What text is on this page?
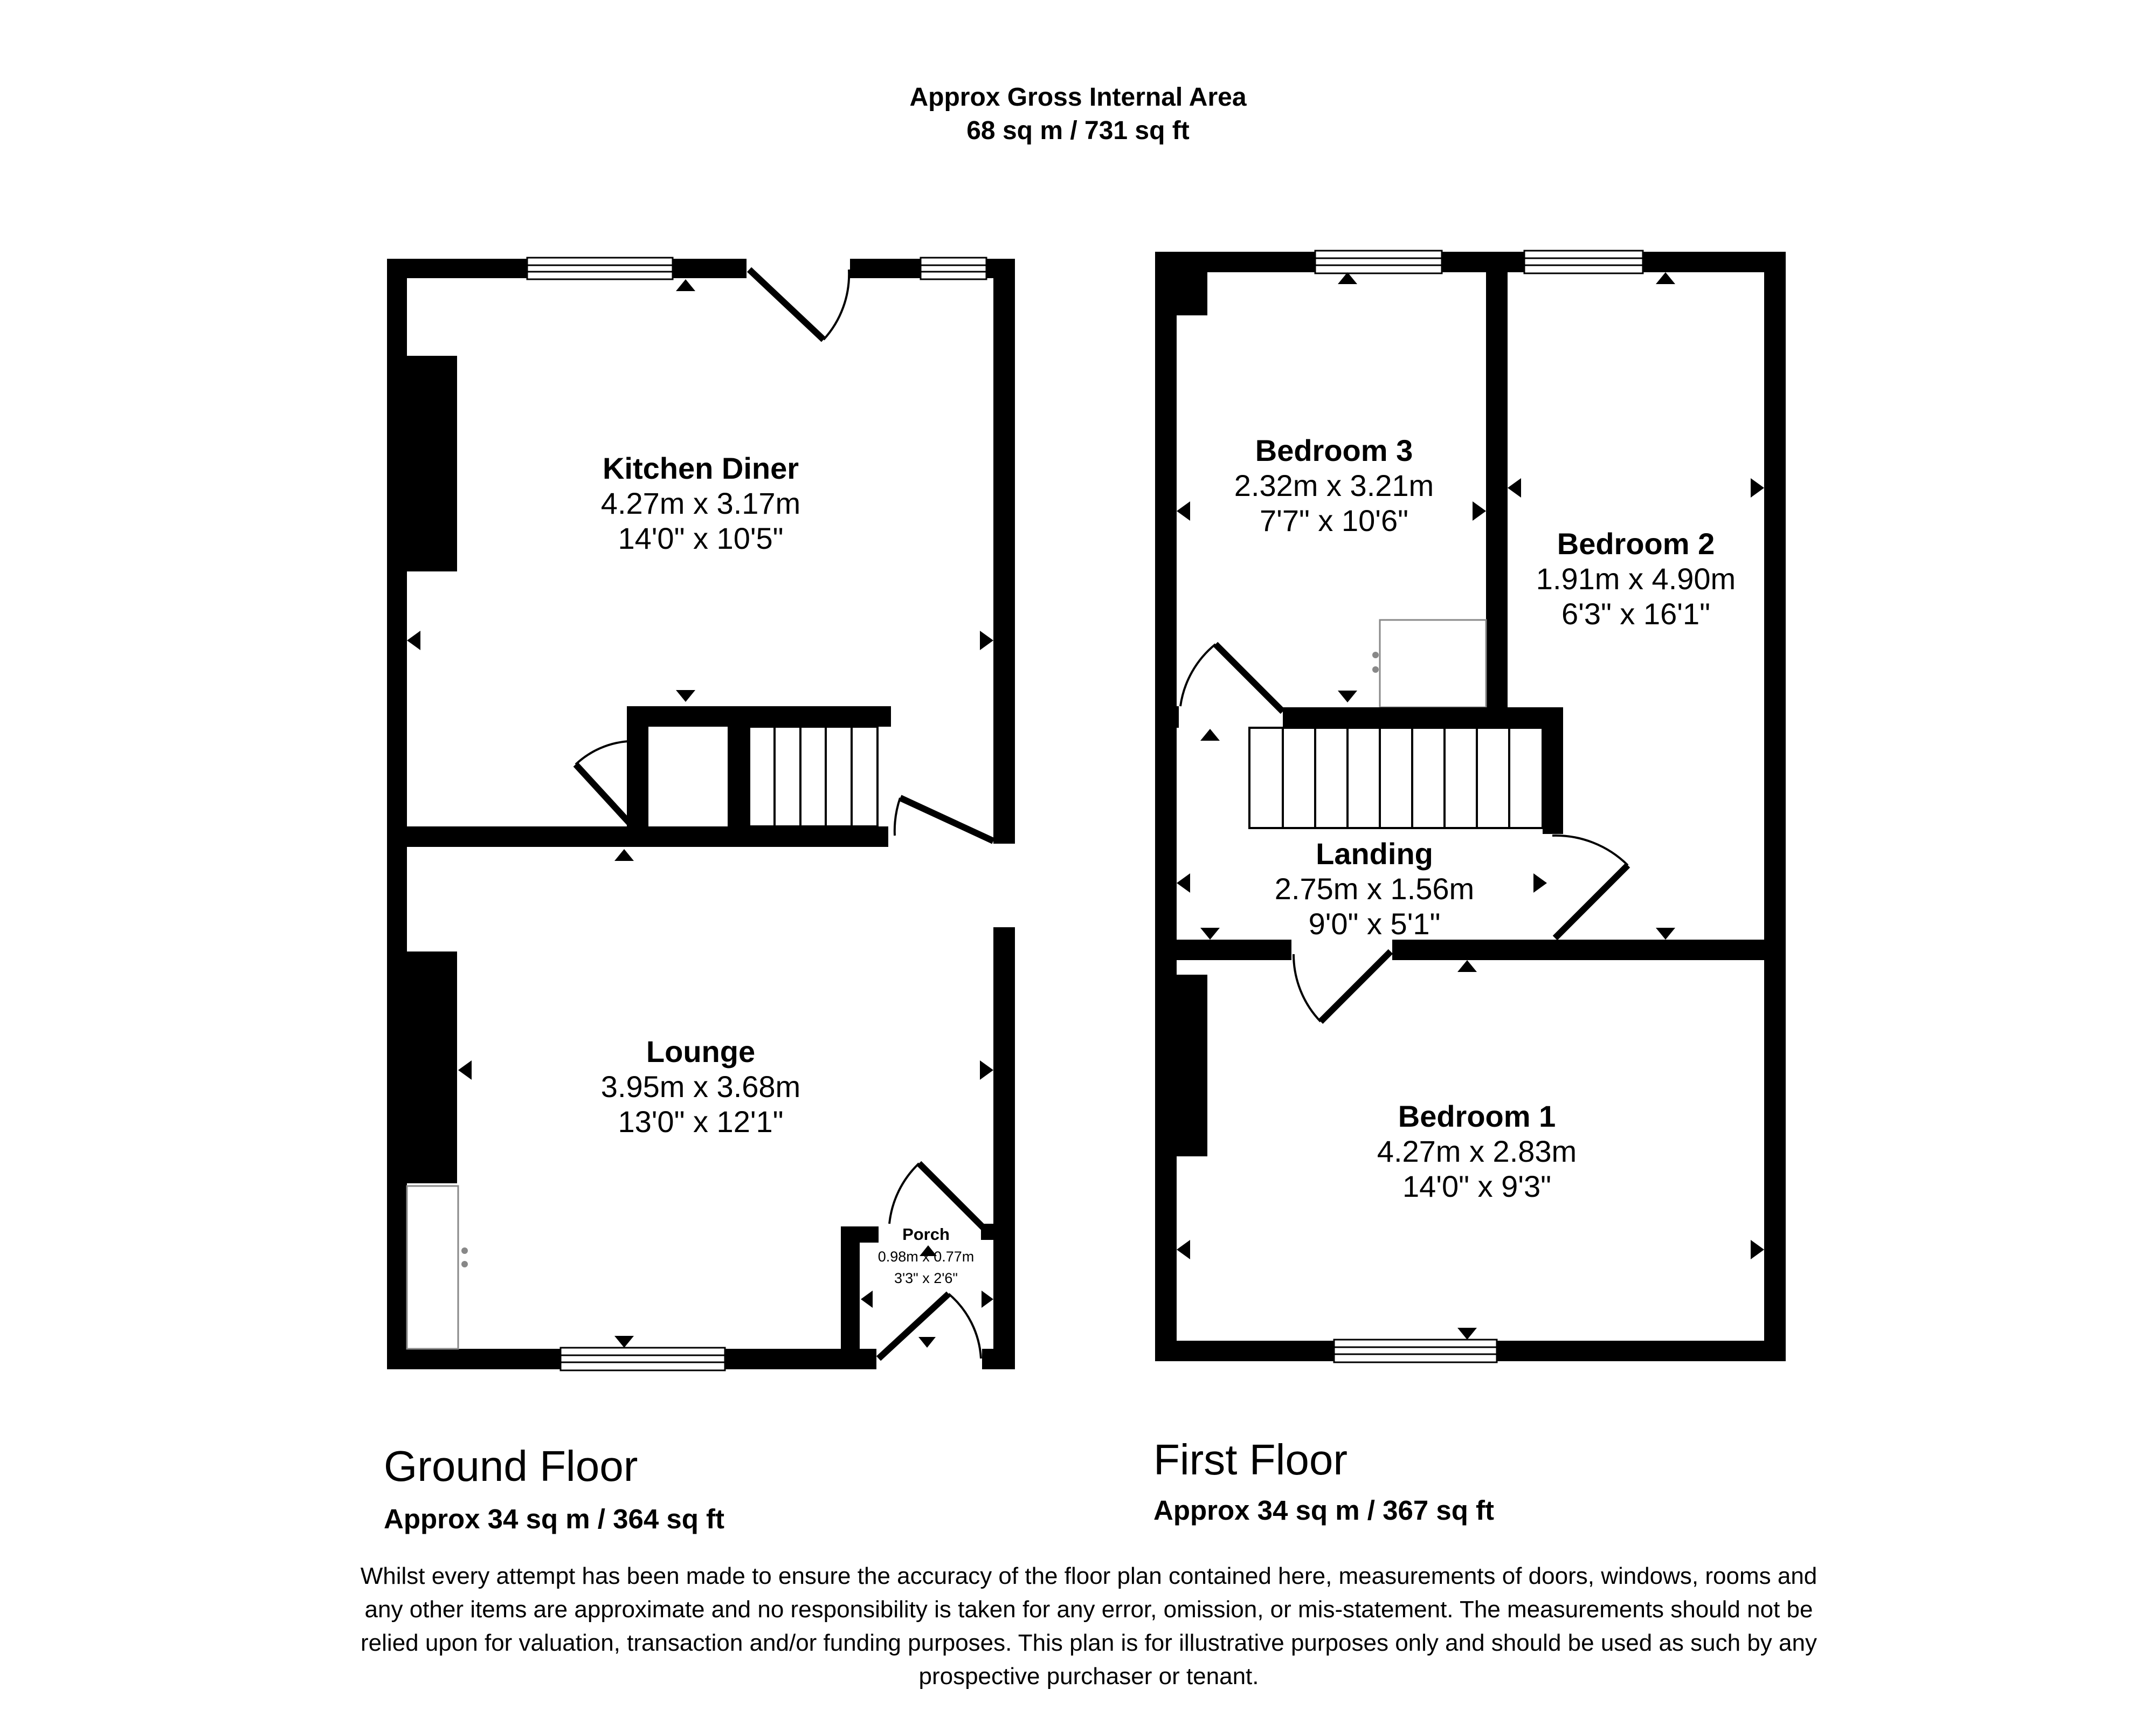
Approx Gross Internal Area
68 sq m / 731 sq ft
Kitchen Diner
4.27m x 3.17m
14'0" x 10'5"
Lounge
3.95m x 3.68m
13'0" x 12'1"
Porch
0.98m x 0.77m
3'3" x 2'6"
Bedroom 3
2.32m x 3.21m
7'7" x 10'6"
Bedroom 2
1.91m x 4.90m
6'3" x 16'1"
Landing
2.75m x 1.56m
9'0" x 5'1"
Bedroom 1
4.27m x 2.83m
14'0" x 9'3"
Ground Floor
Approx 34 sq m / 364 sq ft
First Floor
Approx 34 sq m / 367 sq ft
Whilst every attempt has been made to ensure the accuracy of the floor plan contained here, measurements of doors, windows, rooms and
any other items are approximate and no responsibility is taken for any error, omission, or mis-statement. The measurements should not be
relied upon for valuation, transaction and/or funding purposes. This plan is for illustrative purposes only and should be used as such by any
prospective purchaser or tenant.
